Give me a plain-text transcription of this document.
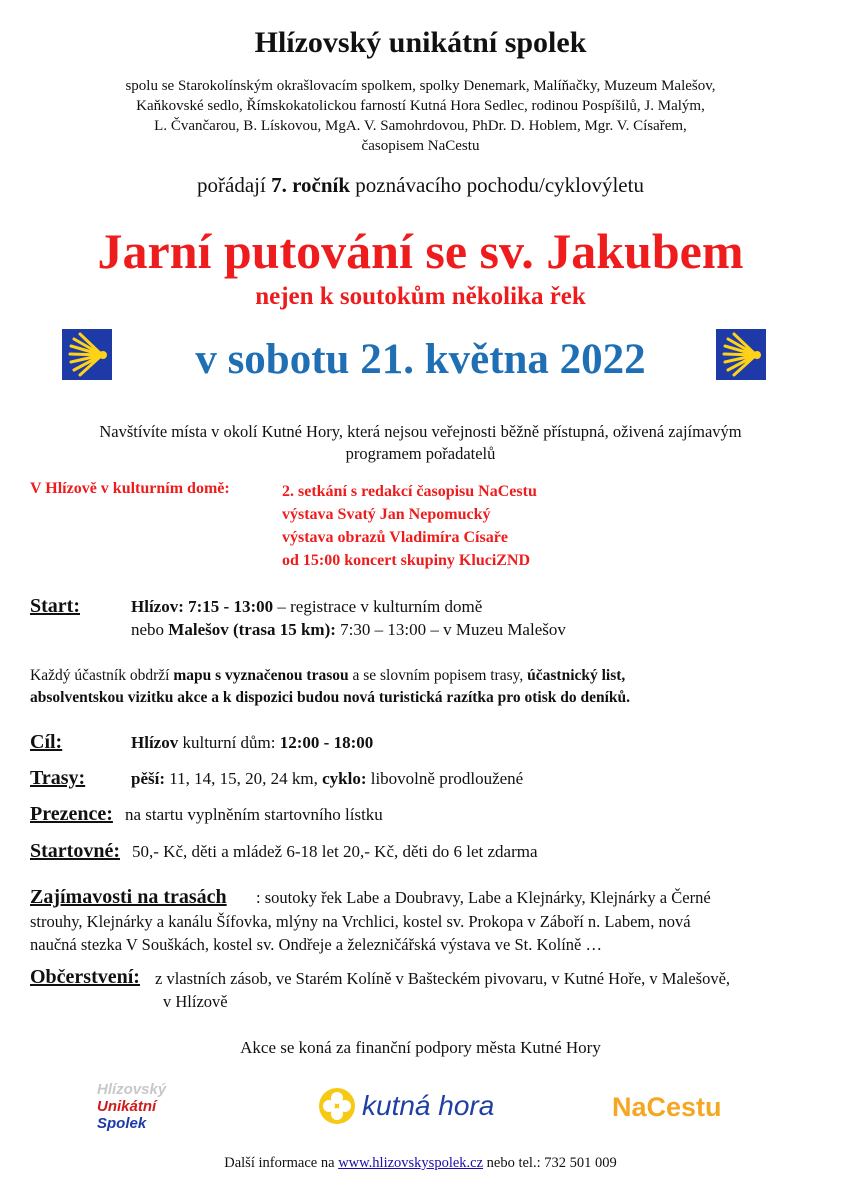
Hlízovský unikátní spolek
spolu se Starokolínským okrašlovacím spolkem, spolky Denemark, Malíňačky, Muzeum Malešov,
Kaňkovské sedlo, Římskokatolickou farností Kutná Hora Sedlec, rodinou Pospíšilů, J. Malým,
L. Čvančarou, B. Lískovou, MgA. V. Samohrdovou, PhDr. D. Hoblem, Mgr. V. Císařem,
časopisem NaCestu
pořádají 7. ročník poznávacího pochodu/cyklovýletu
Jarní putování se sv. Jakubem
nejen k soutokům několika řek
v sobotu 21. května 2022
Navštívíte místa v okolí Kutné Hory, která nejsou veřejnosti běžně přístupná, oživená zajímavým
programem pořadatelů
V Hlízově v kulturním domě:	2. setkání s redakcí časopisu NaCestu
výstava Svatý Jan Nepomucký
výstava obrazů Vladimíra Císaře
od 15:00 koncert skupiny KluciZND
Start:	Hlízov: 7:15 - 13:00 – registrace v kulturním domě
nebo Malešov (trasa 15 km): 7:30 – 13:00 – v Muzeu Malešov
Každý účastník obdrží mapu s vyznačenou trasou a se slovním popisem trasy, účastnický list,
absolventskou vizitku akce a k dispozici budou nová turistická razítka pro otisk do deníků.
Cíl:	Hlízov kulturní dům: 12:00 - 18:00
Trasy:	pěší: 11, 14, 15, 20, 24 km, cyklo: libovolně prodloužené
Prezence: na startu vyplněním startovního lístku
Startovné: 50,- Kč, děti a mládež 6-18 let 20,- Kč, děti do 6 let zdarma
Zajímavosti na trasách : soutoky řek Labe a Doubravy, Labe a Klejnárky, Klejnárky a Černé
strouhy, Klejnárky a kanálu Šífovka, mlýny na Vrchlici, kostel sv. Prokopa v Záboří n. Labem, nová
naučná stezka V Souškách, kostel sv. Ondřeje a železničářská výstava ve St. Kolíně …
Občerstvení: z vlastních zásob, ve Starém Kolíně v Bašteckém pivovaru, v Kutné Hoře, v Malešově,
v Hlízově
Akce se koná za finanční podpory města Kutné Hory
Hlízovský
Unikátní
Spolek
kutná hora	NaCestu
Další informace na www.hlizovskyspolek.cz nebo tel.: 732 501 009
